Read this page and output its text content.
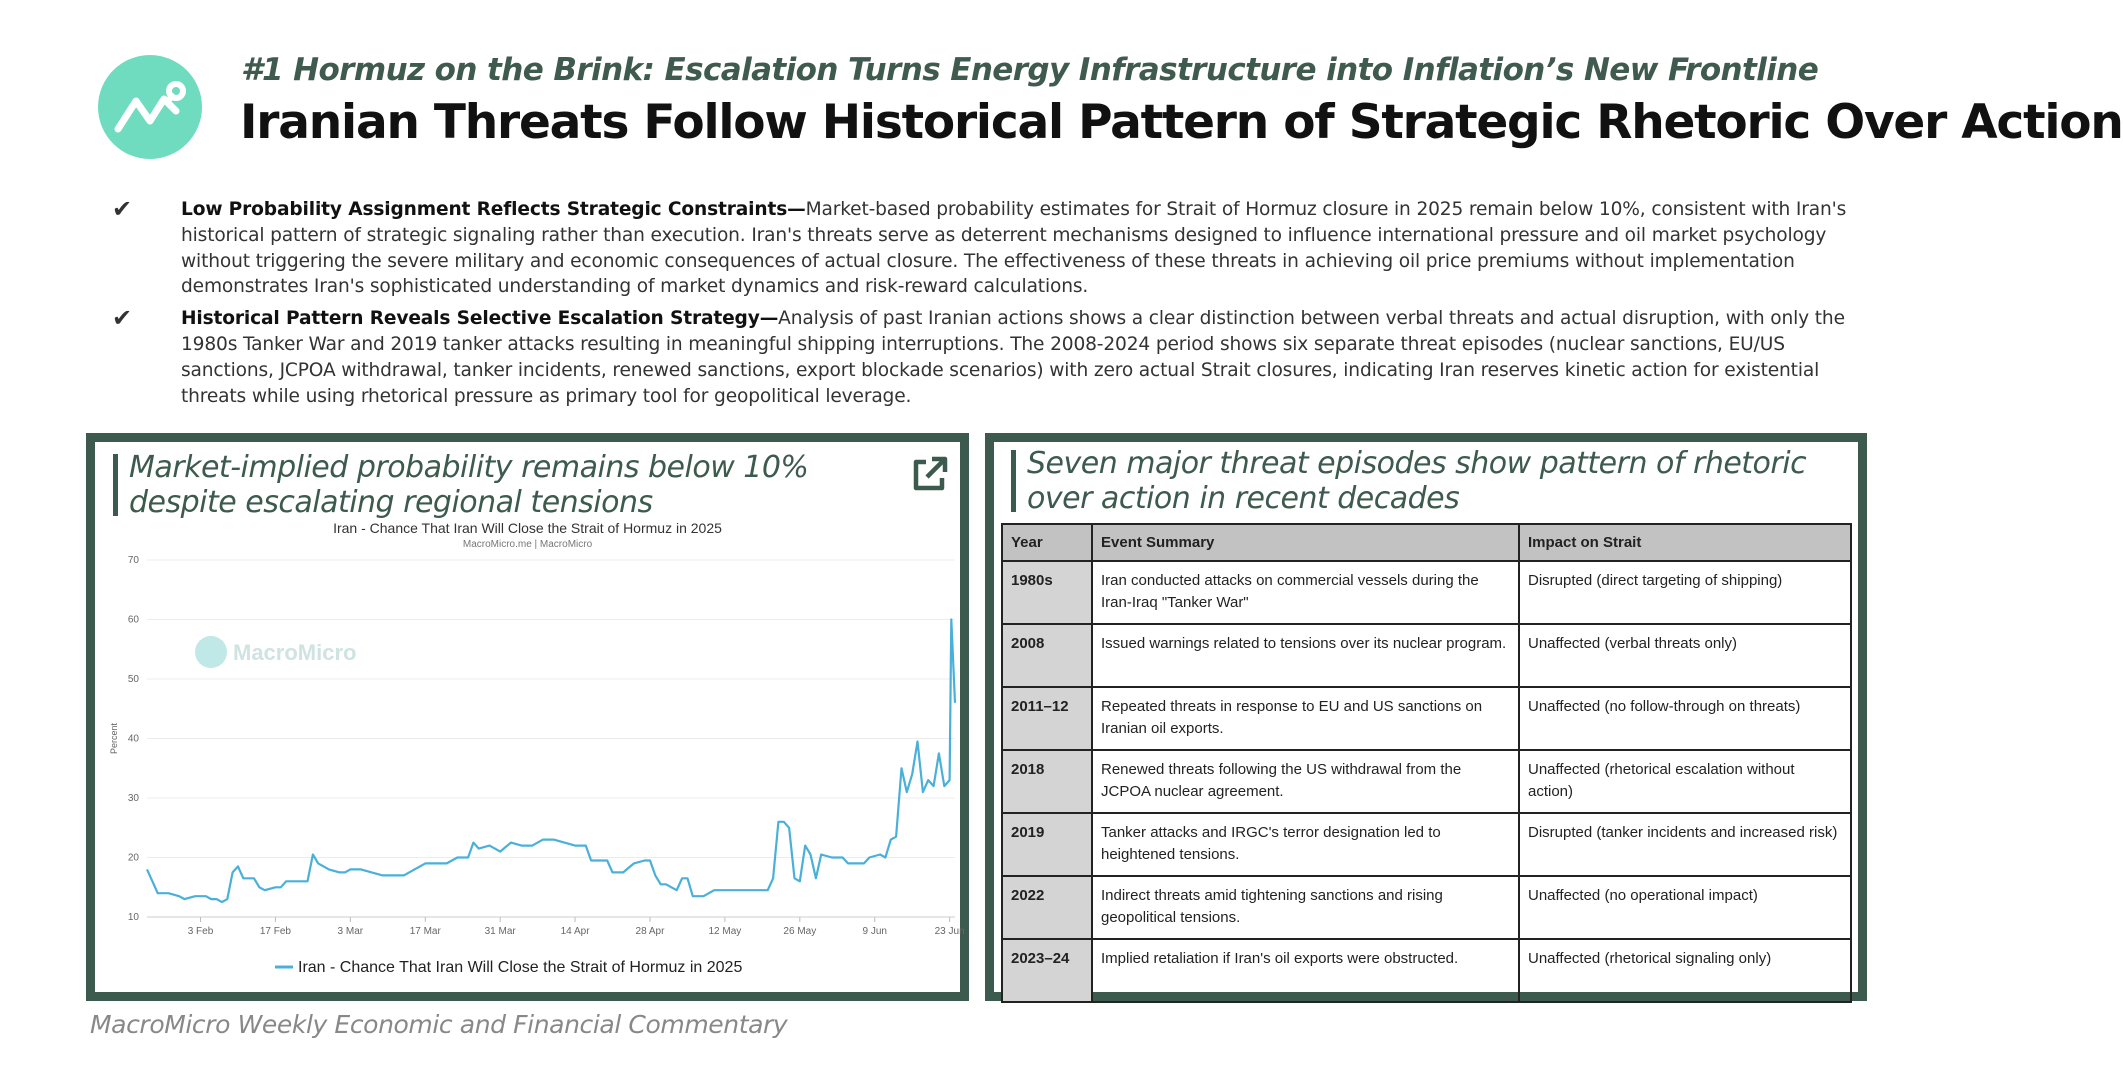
#1 Hormuz on the Brink: Escalation Turns Energy Infrastructure into Inflation’s New Frontline
Iranian Threats Follow Historical Pattern of Strategic Rhetoric Over Action
✔	Low Probability Assignment Reflects Strategic Constraints—Market-based probability estimates for Strait of Hormuz closure in 2025 remain below 10%, consistent with Iran's historical pattern of strategic signaling rather than execution. Iran's threats serve as deterrent mechanisms designed to influence international pressure and oil market psychology without triggering the severe military and economic consequences of actual closure. The effectiveness of these threats in achieving oil price premiums without implementation demonstrates Iran's sophisticated understanding of market dynamics and risk-reward calculations.
✔	Historical Pattern Reveals Selective Escalation Strategy—Analysis of past Iranian actions shows a clear distinction between verbal threats and actual disruption, with only the 1980s Tanker War and 2019 tanker attacks resulting in meaningful shipping interruptions. The 2008-2024 period shows six separate threat episodes (nuclear sanctions, EU/US sanctions, JCPOA withdrawal, tanker incidents, renewed sanctions, export blockade scenarios) with zero actual Strait closures, indicating Iran reserves kinetic action for existential threats while using rhetorical pressure as primary tool for geopolitical leverage.
Market-implied probability remains below 10% despite escalating regional tensions
Iran - Chance That Iran Will Close the Strait of Hormuz in 2025
MacroMicro.me | MacroMicro
MacroMicro
10
20
30
40
50
60
70
Percent
3 Feb	17 Feb	3 Mar	17 Mar	31 Mar	14 Apr	28 Apr	12 May	26 May	9 Jun	23 Jun
Iran - Chance That Iran Will Close the Strait of Hormuz in 2025
Seven major threat episodes show pattern of rhetoric over action in recent decades
Year	Event Summary	Impact on Strait
1980s	Iran conducted attacks on commercial vessels during the Iran-Iraq "Tanker War"	Disrupted (direct targeting of shipping)
2008	Issued warnings related to tensions over its nuclear program.	Unaffected (verbal threats only)
2011–12	Repeated threats in response to EU and US sanctions on Iranian oil exports.	Unaffected (no follow-through on threats)
2018	Renewed threats following the US withdrawal from the JCPOA nuclear agreement.	Unaffected (rhetorical escalation without action)
2019	Tanker attacks and IRGC's terror designation led to heightened tensions.	Disrupted (tanker incidents and increased risk)
2022	Indirect threats amid tightening sanctions and rising geopolitical tensions.	Unaffected (no operational impact)
2023–24	Implied retaliation if Iran's oil exports were obstructed.	Unaffected (rhetorical signaling only)
MacroMicro Weekly Economic and Financial Commentary
